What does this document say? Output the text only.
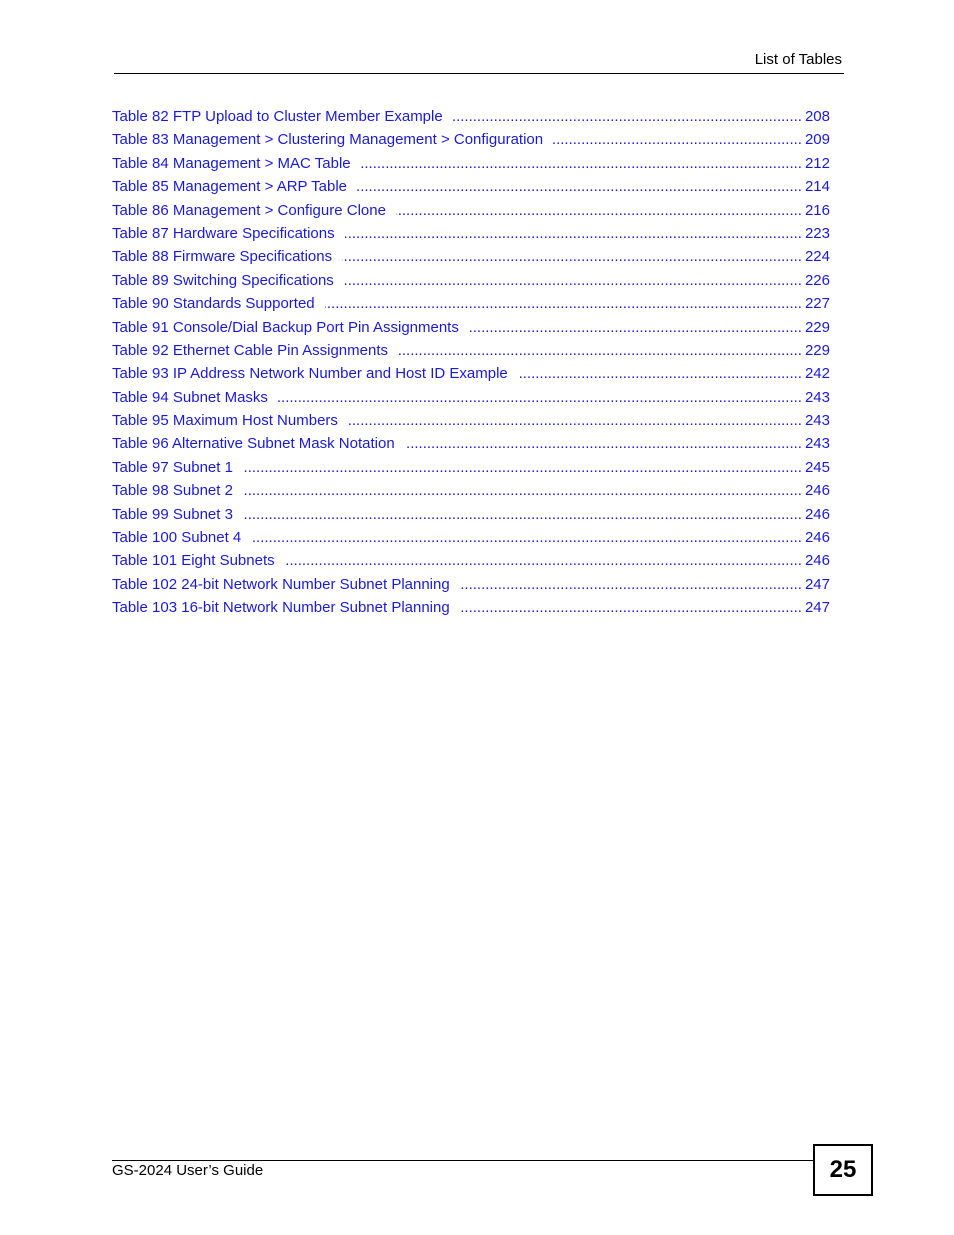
List of Tables
Table 82 FTP Upload to Cluster Member Example .....	208
Table 83 Management > Clustering Management > Configuration .....	209
Table 84 Management > MAC Table .....	212
Table 85 Management > ARP Table .....	214
Table 86 Management > Configure Clone .....	216
Table 87 Hardware Specifications .....	223
Table 88 Firmware Specifications .....	224
Table 89 Switching Specifications .....	226
Table 90 Standards Supported .....	227
Table 91 Console/Dial Backup Port Pin Assignments .....	229
Table 92 Ethernet Cable Pin Assignments .....	229
Table 93 IP Address Network Number and Host ID Example .....	242
Table 94 Subnet Masks .....	243
Table 95 Maximum Host Numbers .....	243
Table 96 Alternative Subnet Mask Notation .....	243
Table 97 Subnet 1 .....	245
Table 98 Subnet 2 .....	246
Table 99 Subnet 3 .....	246
Table 100 Subnet 4 .....	246
Table 101 Eight Subnets .....	246
Table 102 24-bit Network Number Subnet Planning .....	247
Table 103 16-bit Network Number Subnet Planning .....	247
GS-2024 User’s Guide	25
